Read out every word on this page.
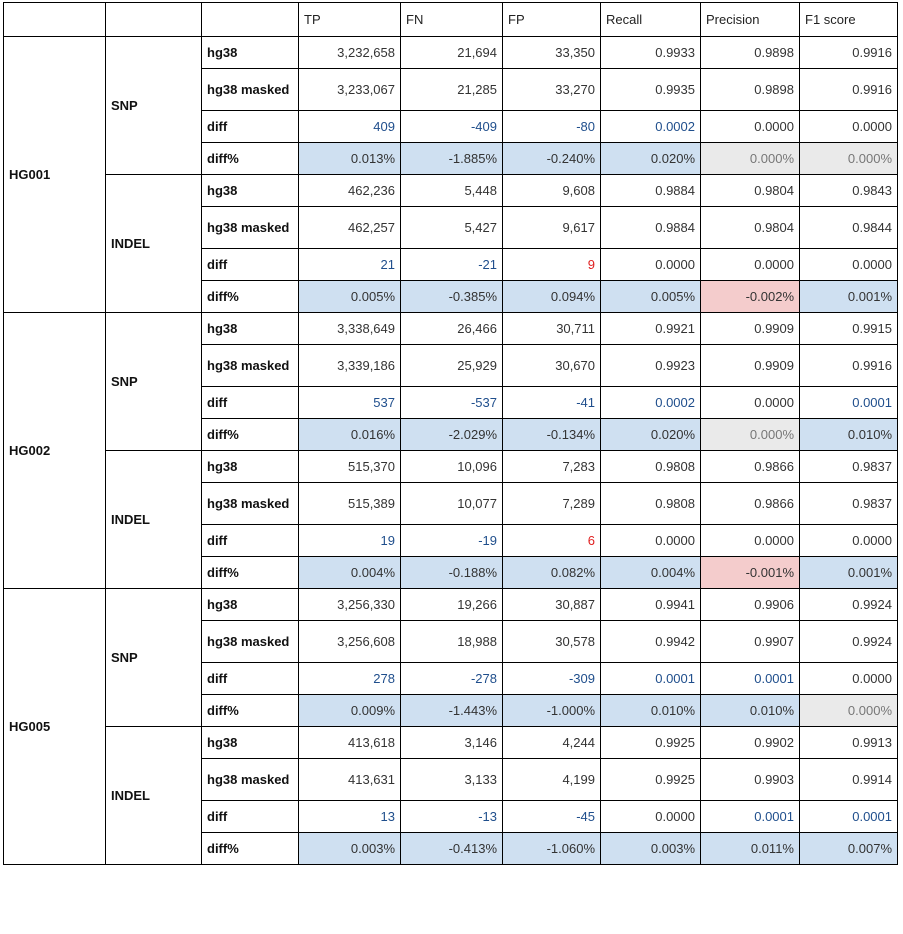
			TP	FN	FP	Recall	Precision	F1 score
HG001	SNP	hg38	3,232,658	21,694	33,350	0.9933	0.9898	0.9916
		hg38 masked	3,233,067	21,285	33,270	0.9935	0.9898	0.9916
		diff	409	-409	-80	0.0002	0.0000	0.0000
		diff%	0.013%	-1.885%	-0.240%	0.020%	0.000%	0.000%
	INDEL	hg38	462,236	5,448	9,608	0.9884	0.9804	0.9843
		hg38 masked	462,257	5,427	9,617	0.9884	0.9804	0.9844
		diff	21	-21	9	0.0000	0.0000	0.0000
		diff%	0.005%	-0.385%	0.094%	0.005%	-0.002%	0.001%
HG002	SNP	hg38	3,338,649	26,466	30,711	0.9921	0.9909	0.9915
		hg38 masked	3,339,186	25,929	30,670	0.9923	0.9909	0.9916
		diff	537	-537	-41	0.0002	0.0000	0.0001
		diff%	0.016%	-2.029%	-0.134%	0.020%	0.000%	0.010%
	INDEL	hg38	515,370	10,096	7,283	0.9808	0.9866	0.9837
		hg38 masked	515,389	10,077	7,289	0.9808	0.9866	0.9837
		diff	19	-19	6	0.0000	0.0000	0.0000
		diff%	0.004%	-0.188%	0.082%	0.004%	-0.001%	0.001%
HG005	SNP	hg38	3,256,330	19,266	30,887	0.9941	0.9906	0.9924
		hg38 masked	3,256,608	18,988	30,578	0.9942	0.9907	0.9924
		diff	278	-278	-309	0.0001	0.0001	0.0000
		diff%	0.009%	-1.443%	-1.000%	0.010%	0.010%	0.000%
	INDEL	hg38	413,618	3,146	4,244	0.9925	0.9902	0.9913
		hg38 masked	413,631	3,133	4,199	0.9925	0.9903	0.9914
		diff	13	-13	-45	0.0000	0.0001	0.0001
		diff%	0.003%	-0.413%	-1.060%	0.003%	0.011%	0.007%
